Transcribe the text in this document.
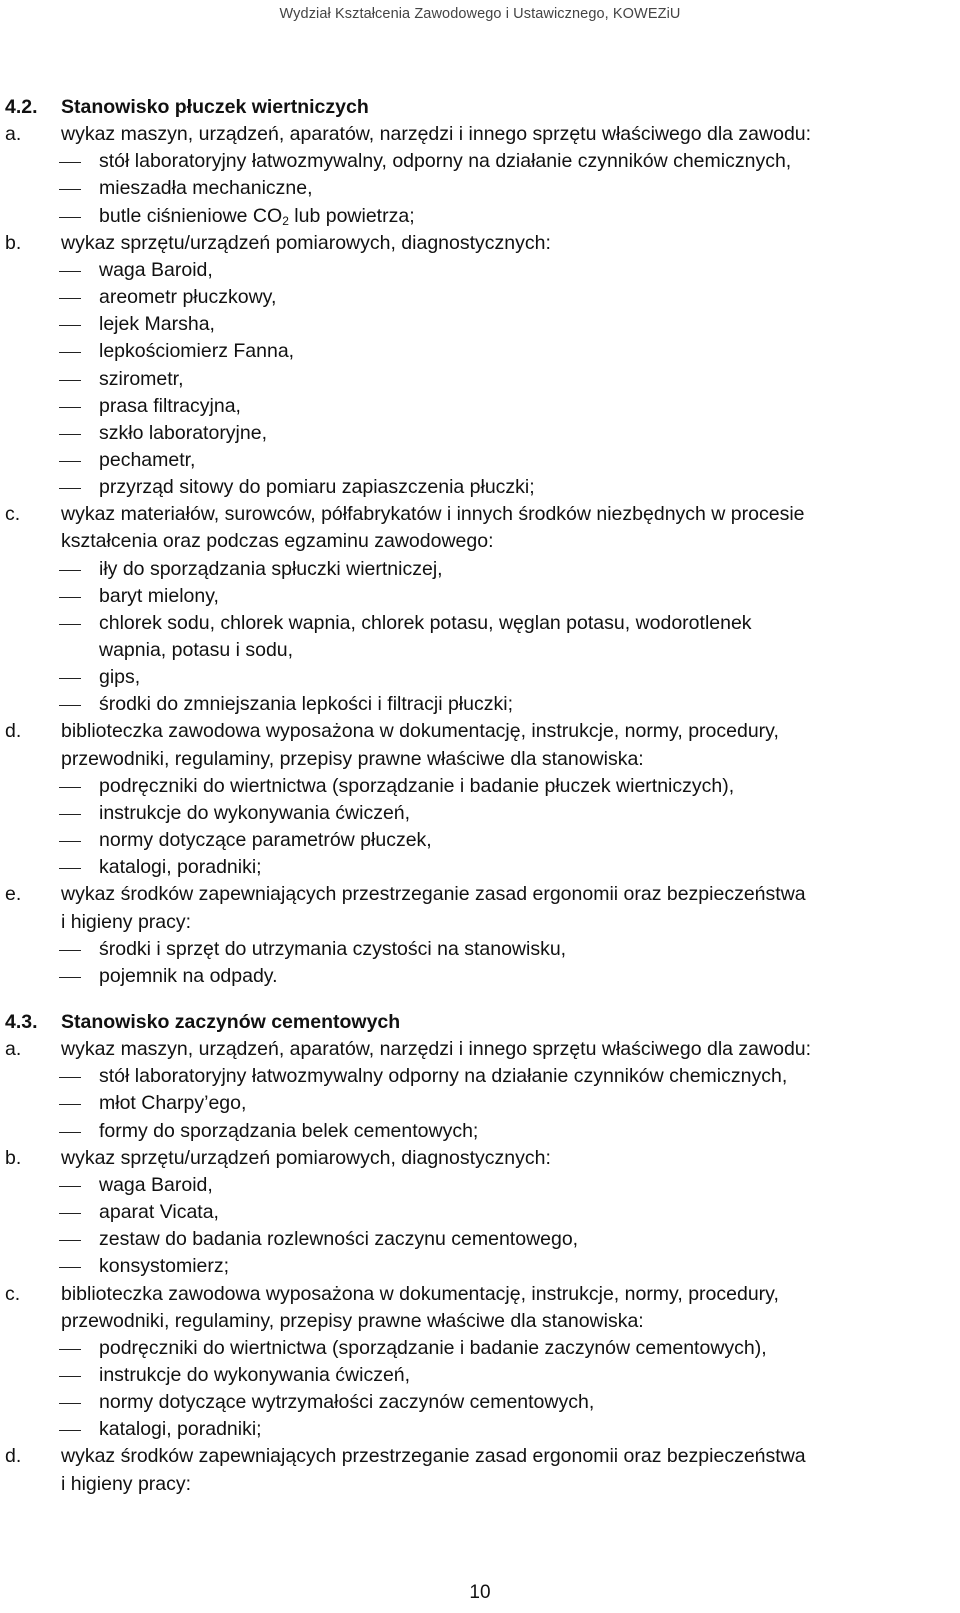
Wydział Kształcenia Zawodowego i Ustawicznego, KOWEZiU
4.2. Stanowisko płuczek wiertniczych
a. wykaz maszyn, urządzeń, aparatów, narzędzi i innego sprzętu właściwego dla zawodu:
stół laboratoryjny łatwozmywalny, odporny na działanie czynników chemicznych,
mieszadła mechaniczne,
butle ciśnieniowe $CO_2$ lub powietrza;
b. wykaz sprzętu/urządzeń pomiarowych, diagnostycznych:
waga Baroid,
areometr płuczkowy,
lejek Marsha,
lepkościomierz Fanna,
szirometr,
prasa filtracyjna,
szkło laboratoryjne,
pechametr,
przyrząd sitowy do pomiaru zapiaszczenia płuczki;
c. wykaz materiałów, surowców, półfabrykatów i innych środków niezbędnych w procesie
kształcenia oraz podczas egzaminu zawodowego:
iły do sporządzania spłuczki wiertniczej,
baryt mielony,
chlorek sodu, chlorek wapnia, chlorek potasu, węglan potasu, wodorotlenek
wapnia, potasu i sodu,
gips,
środki do zmniejszania lepkości i filtracji płuczki;
d. biblioteczka zawodowa wyposażona w dokumentację, instrukcje, normy, procedury,
przewodniki, regulaminy, przepisy prawne właściwe dla stanowiska:
podręczniki do wiertnictwa (sporządzanie i badanie płuczek wiertniczych),
instrukcje do wykonywania ćwiczeń,
normy dotyczące parametrów płuczek,
katalogi, poradniki;
e. wykaz środków zapewniających przestrzeganie zasad ergonomii oraz bezpieczeństwa
i higieny pracy:
środki i sprzęt do utrzymania czystości na stanowisku,
pojemnik na odpady.
4.3. Stanowisko zaczynów cementowych
a. wykaz maszyn, urządzeń, aparatów, narzędzi i innego sprzętu właściwego dla zawodu:
stół laboratoryjny łatwozmywalny odporny na działanie czynników chemicznych,
młot Charpy’ego,
formy do sporządzania belek cementowych;
b. wykaz sprzętu/urządzeń pomiarowych, diagnostycznych:
waga Baroid,
aparat Vicata,
zestaw do badania rozlewności zaczynu cementowego,
konsystomierz;
c. biblioteczka zawodowa wyposażona w dokumentację, instrukcje, normy, procedury,
przewodniki, regulaminy, przepisy prawne właściwe dla stanowiska:
podręczniki do wiertnictwa (sporządzanie i badanie zaczynów cementowych),
instrukcje do wykonywania ćwiczeń,
normy dotyczące wytrzymałości zaczynów cementowych,
katalogi, poradniki;
d. wykaz środków zapewniających przestrzeganie zasad ergonomii oraz bezpieczeństwa
i higieny pracy:
10
